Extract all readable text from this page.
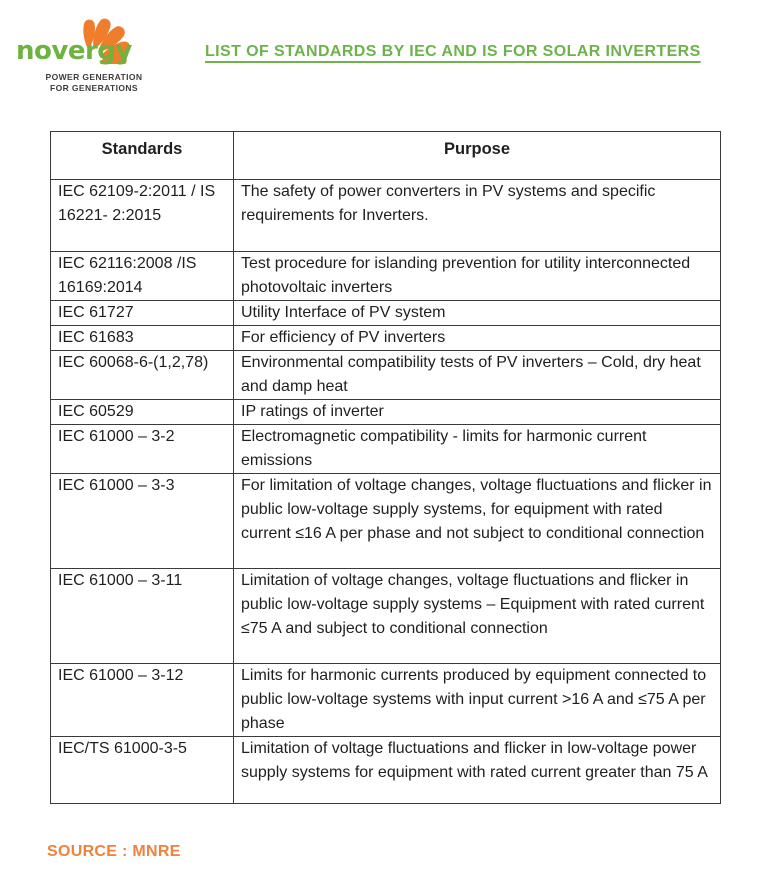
novergy
POWER GENERATION
FOR GENERATIONS
LIST OF STANDARDS BY IEC AND IS FOR SOLAR INVERTERS
Standards	Purpose
IEC 62109-2:2011 / IS 16221- 2:2015	The safety of power converters in PV systems and specific requirements for Inverters.
IEC 62116:2008 /IS 16169:2014	Test procedure for islanding prevention for utility interconnected photovoltaic inverters
IEC 61727	Utility Interface of PV system
IEC 61683	For efficiency of PV inverters
IEC 60068-6-(1,2,78)	Environmental compatibility tests of PV inverters – Cold, dry heat and damp heat
IEC 60529	IP ratings of inverter
IEC 61000 – 3-2	Electromagnetic compatibility - limits for harmonic current emissions
IEC 61000 – 3-3	For limitation of voltage changes, voltage fluctuations and flicker in public low-voltage supply systems, for equipment with rated current ≤16 A per phase and not subject to conditional connection
IEC 61000 – 3-11	Limitation of voltage changes, voltage fluctuations and flicker in public low-voltage supply systems – Equipment with rated current ≤75 A and subject to conditional connection
IEC 61000 – 3-12	Limits for harmonic currents produced by equipment connected to public low-voltage systems with input current >16 A and ≤75 A per phase
IEC/TS 61000-3-5	Limitation of voltage fluctuations and flicker in low-voltage power supply systems for equipment with rated current greater than 75 A
SOURCE : MNRE
